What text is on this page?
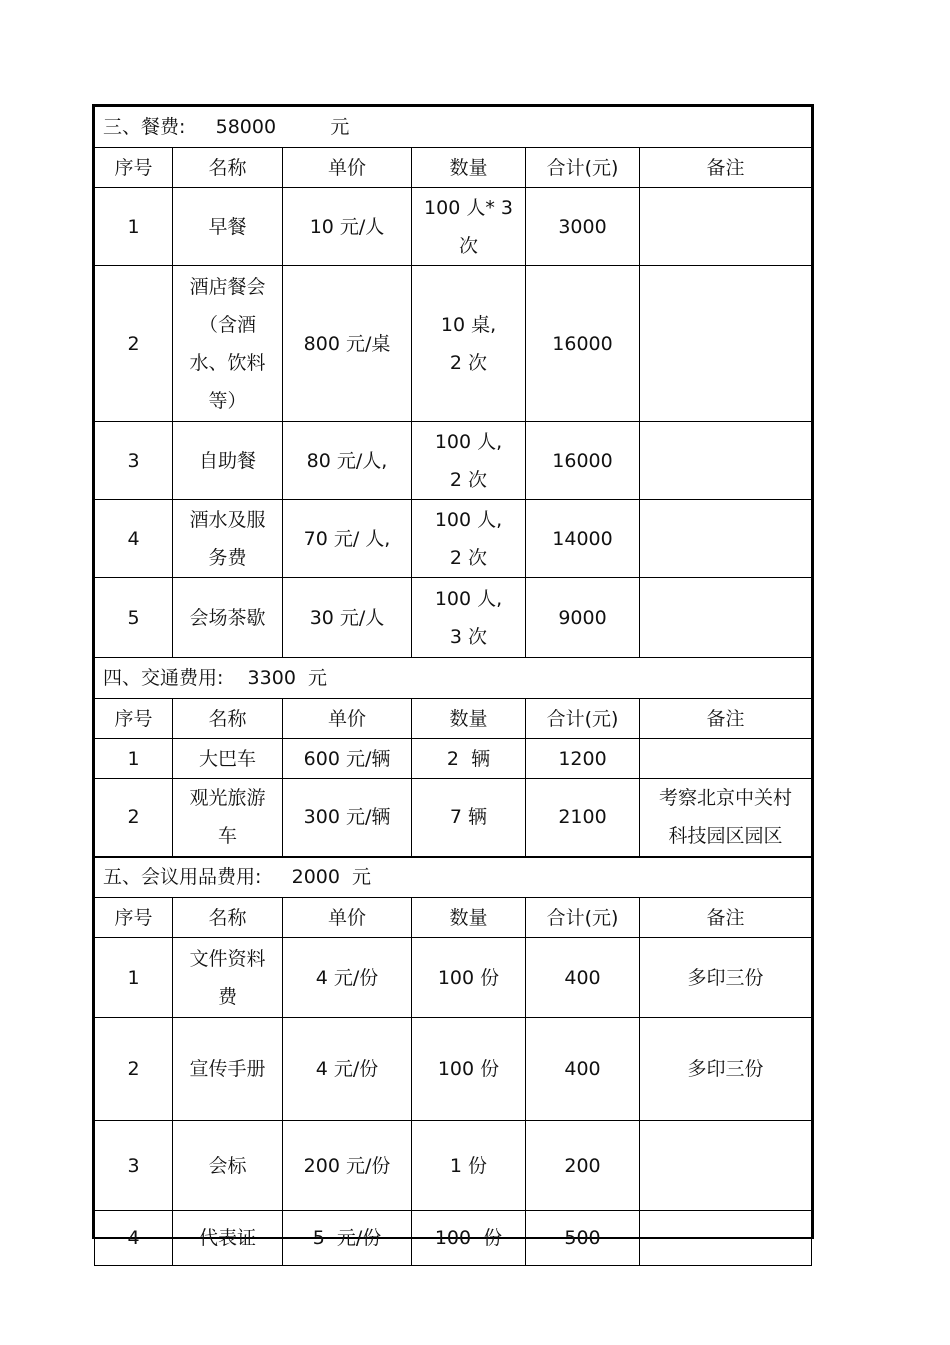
三、餐费:     58000         元					
序号	名称	单价	数量	合计(元)	备注
1	早餐	10 元/人	100 人* 3
次	3000	
2	酒店餐会
（含酒
水、饮料
等）	800 元/桌	10 桌,
2 次	16000	
3	自助餐	80 元/人,	100 人,
2 次	16000	
4	酒水及服
务费	70 元/ 人,	100 人,
2 次	14000	
5	会场茶歇	30 元/人	100 人,
3 次	9000	
四、交通费用:    3300  元					
序号	名称	单价	数量	合计(元)	备注
1	大巴车	600 元/辆	2  辆	1200	
2	观光旅游
车	300 元/辆	7 辆	2100	考察北京中关村
科技园区园区

五、会议用品费用:     2000  元					
序号	名称	单价	数量	合计(元)	备注
1	文件资料
费	4 元/份	100 份	400	多印三份

2	宣传手册	4 元/份	100 份	400	多印三份

3	会标	200 元/份	1 份	200	
4	代表证	5  元/份	100  份	500	
